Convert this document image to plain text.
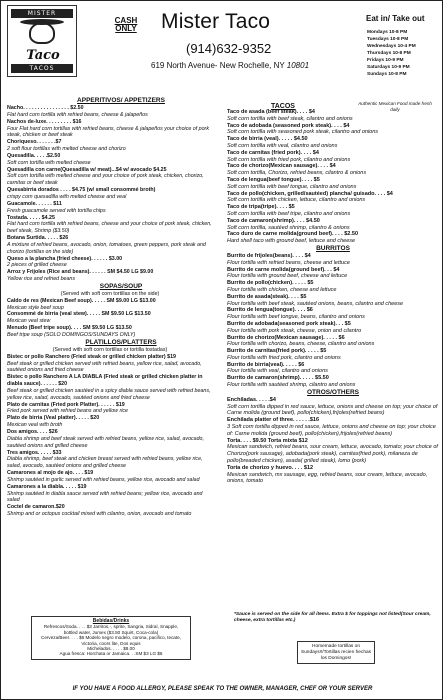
MISTER
Taco
TACOS
CASH ONLY Mister Taco
(914)632-9352
619 North Avenue- New Rochelle, NY 10801
Eat in/ Take out
Mondays 10-8 PM
Tuesdays 10-8 PM
Wednesdays 10-4 PM
Thursdays 10-8 PM
Fridays 10-9 PM
Saturdays 10-9 PM
Sundays 10-8 PM
APPERITIVOS/ APPETIZERS
Nacho. . . . . . . . . . . . . . . . $2.50
Flat hard corn tortilla with refried beans, cheese & jalapeños
Nachos de-luxe. . . . . . . . . $16
Four Flat hard corn tortillas with refried beans, cheese & jalapeños your choice of pork steak, chicken or beef steak
Choriqueso. . . . . . .$7
2 soft flour tortillas with melted cheese and chorizo
Quesadilla. . . . .$2.50
Soft corn tortilla with melted cheese
Quesadilla con carne(Quesadilla w/ meat)...$4 w/ avocado $4.25
Soft corn tortilla with melted cheese and your choice of pork steak, chicken, chorizo, carnitas or beef steak
Quesabirria dorados . . . . $4.75 (w/ small consommé broth)
crispy corn quesadilla with melted cheese and veal
Guacamole. . . . . . $11
Fresh guacamole served with tortilla chips
Tostada. . . . . $4.25
Flat hard corn tortilla with refried beans, cheese and your choice of pork steak, chicken, beef steak, Shrimp ($3.50)
Botana Surtida. . . . . $26
A mixture of refried beans, avocado, onion, tomatoes, green peppers, pork steak and chorizo (tortillas on the side)
Queso a la plancha (fried cheese). . . . . . $3.00
2 pieces of grilled cheese
Arroz y Frijoles (Rice and beans). . . . . . SM $4.50 LG $9.00
Yellow rice and refried beans
SOPAS/SOUP
(Served with soft corn tortillas on the side)
Caldo de res (Mexican Beef soup). . . . . SM $9.00 LG $13.00
Mexican style beef soup
Consommé de birria (veal stew). . . . . SM $9.50 LG $13.50
Mexican veal stew
Menudo (Beef tripe soup). . . . SM $9.50 LG $13.50
Beef tripe soup (SOLO DOMINGOS/SUNDAYS ONLY)
PLATILLOS/PLATTERS
(Served with soft corn tortillas or tortilla tostadas)
Bistec or pollo Ranchero (Fried steak or grilled chicken platter) $19
Beef steak or grilled chicken served with refried beans, yellow rice, salad, avocado, sautéed onions and fried cheese
Bistec o pollo Ranchero A LA DIABLA (Fried steak or grilled chicken platter in diabla sauce). . . . . . $20
Beef steak or grilled chicken sautéed in a spicy diabla sauce served with refried beans, yellow rice, salad, avocado, sautéed onions and fried cheese
Plato de carnitas (Fried pork Platter). . . . . . $19
Fried pork served with refried beans and yellow rice
Plato de birria (Veal platter). . . . . $20
Mexican veal with broth
Dos amigos. . . . $26
Diabla shrimp and beef steak served with refried beans, yellow rice, salad, avocado, sautéed onions and grilled cheese
Tres amigos. . . . . $33
Diabla shrimp, beef steak and chicken breast served with refried beans, yellow rice, salad, avocado, sautéed onions and grilled cheese
Camarones al mojo de ajo. . . . $19
Shrimp sautéed in garlic served with refried beans, yellow rice, avocado and salad
Camarones a la diabla. . . . . $19
Shrimp sautéed in diabla sauce served with refried beans; yellow rice, avocado and salad
Coctel de camaron.$20
Shrimp and or octopus cocktail mixed with cilantro, onion, avocado and tomato
TACOS	Authentic Mexican Food made fresh daily
Taco de asada (beef steak). . . . $4
Soft corn tortilla with beef steak, cilantro and onions
Taco de adobada (seasoned pork steak). . . . $4
Soft corn tortilla with seasoned pork steak, cilantro and onions
Taco de birria (veal). . . . . $4.50
Soft corn tortilla with veal, cilantro and onions
Taco de carnitas (fried pork). . . . $4
Soft corn tortilla with fried pork, cilantro and onions
Taco de chorizo(Mexican sausage). . . . $4
Soft corn tortilla, Chorizo, refried beans, cilantro & onions
Taco de lengua(beef tongue). . . . $5
Soft corn tortilla with beef tongue, cilantro and onions
Taco de pollo(chicken, grilled/sautéed) plancha/ guisado. . . . $4
Soft corn tortilla with chicken, lettuce, cilantro and onions
Taco de tripa(tripe). . . . $5
Soft corn tortilla with beef tripe, cilantro and onions
Taco de camaron(shrimp). . . . $4.50
Soft corn tortilla, sautéed shrimp, cilantro & onions
Taco duro de carne molida(ground beef). . . . $2.50
Hard shell taco with ground beef, lettuce and cheese
BURRITOS
Burrito de frijoles(beans). . . . $4
Flour tortilla with refried beans, cheese and lettuce
Burrito de carne molida(ground beef). . . $4
Flour tortilla with ground beef, cheese and lettuce
Burrito de pollo(chicken). . . . . $5
Flour tortilla with chicken, cheese and lettuce
Burrito de asada(steak). . . . $5
Flour tortilla with beef steak, sautéed onions, beans, cilantro and cheese
Burrito de lengua(tongue). . . . $6
Flour tortilla with beef tongue, beans, cilantro and onions
Burrito de adobada(seasoned pork steak). . . $5
Flour tortilla with pork steak, cheese, onion and cilantro
Burrito de chorizo(Mexican sausage). . . . . $6
Flour tortilla with chorizo, beans, cheese, cilantro and onions
Burrito de carnitas(fried pork). . . . . $5
Flour tortilla with fried pork, cilantro and onions
Burrito de birria(veal). . . . . $6
Flour tortilla with veal, cilantro and onions
Burrito de camaron(shrimp). . . . . $5.50
Flour tortilla with sautéed shrimp, cilantro and onions
OTROS/OTHERS
Enchiladas. . . . .$4
Soft corn tortilla dipped in red sauce, lettuce, onions and cheese on top; your choice of Carne molida (ground beef), pollo(chicken),frijoles(refried beans)
Enchilada platter of three. . . . . .$16
3 Soft corn tortilla dipped in red sauce, lettuce, onions and cheese on top; your choice of: Carne molida (ground beef), pollo(chicken),frijoles(refried beans)
Torta. . . . $9.50 Torta mixta $12
Mexican sandwich, refried beans, sour cream, lettuce, avocado, tomato; your choice of Chorizo(pork sausage), adobada(pork steak), carnitas(fried pork), milaneza de pollo(breaded chicken), asada( grilled steak), lomo (pork)
Torta de chorizo y huevo. . . . $12
Mexican sandwich, mx sausage, egg, refried beans, sour cream, lettuce, avocado, onions, tomato
*Sauce is served on the side for all items. Extra $ for toppings not listed(Sour cream, cheese, extra tortillas etc.)
Bebidas/Drinks
Refrescos/Soda. . . . $3 Jarritos,-, sprite, Sangria, Sidral, Snapple,
bottled water, Jumex ($3.50 Squirt, Coca-cola)
Cerveza/Beer. . . . $6 Modelo negro modelo, corona, pacifico, tecate,
Victoria, coors lite, Dos equis
Michelados. . . . . $8.00
Agua fresca: Horchata or Jamaica. . .SM $3 LG $6
Homemade tortillas on Sundays!!/Tortillas recien hechas los Domingos!
IF YOU HAVE A FOOD ALLERGY, PLEASE SPEAK TO THE OWNER, MANAGER, CHEF OR YOUR SERVER
